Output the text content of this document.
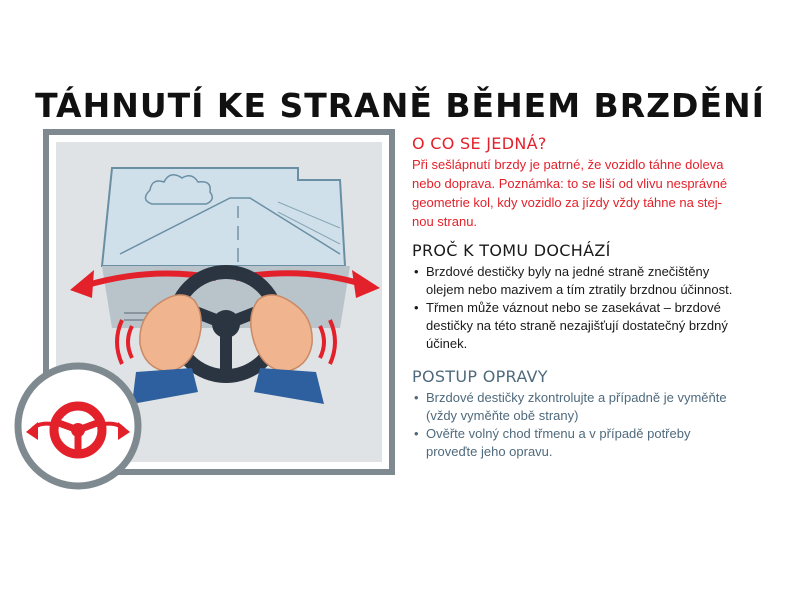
TÁHNUTÍ KE STRANĚ BĚHEM BRZDĚNÍ
O CO SE JEDNÁ?
Při sešlápnutí brzdy je patrné, že vozidlo táhne doleva
nebo doprava. Poznámka: to se liší od vlivu nesprávné
geometrie kol, kdy vozidlo za jízdy vždy táhne na stej-
nou stranu.
PROČ K TOMU DOCHÁZÍ
• Brzdové destičky byly na jedné straně znečištěny
olejem nebo mazivem a tím ztratily brzdnou účinnost.
• Třmen může váznout nebo se zasekávat – brzdové
destičky na této straně nezajišťují dostatečný brzdný
účinek.
POSTUP OPRAVY
• Brzdové destičky zkontrolujte a případně je vyměňte
(vždy vyměňte obě strany)
• Ověřte volný chod třmenu a v případě potřeby
proveďte jeho opravu.
